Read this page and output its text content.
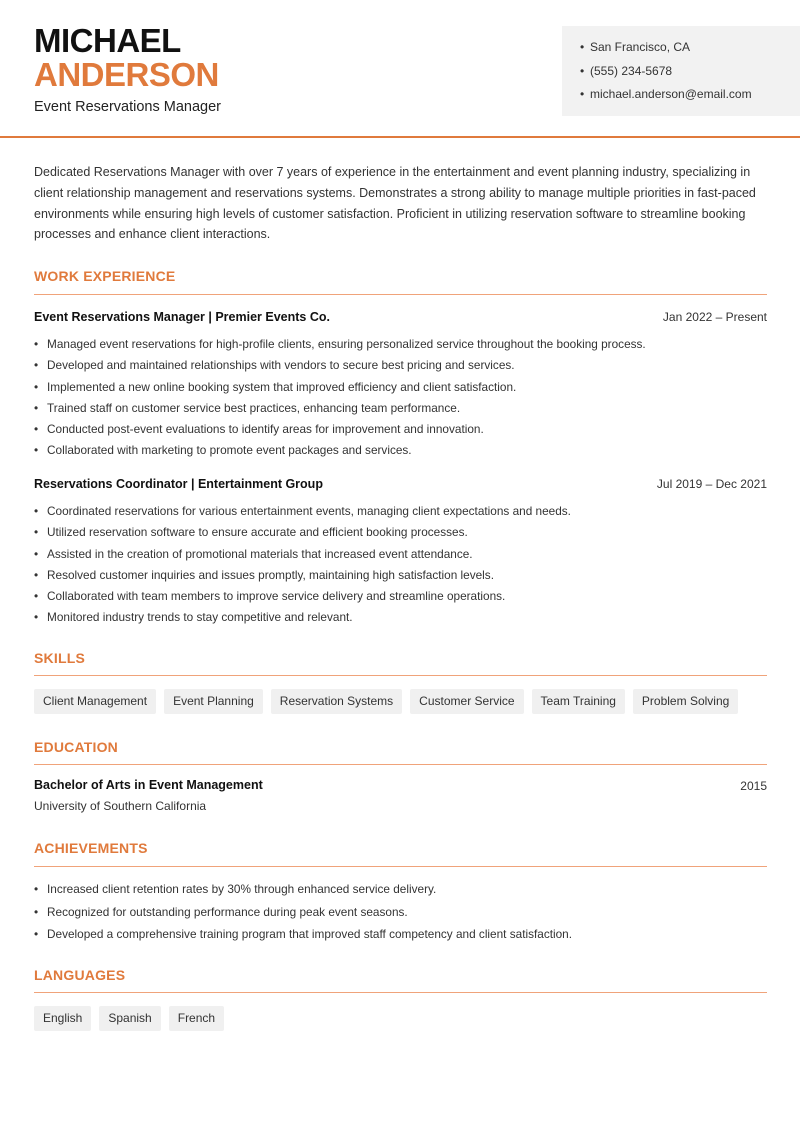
MICHAEL
ANDERSON
Event Reservations Manager
• San Francisco, CA
• (555) 234-5678
• michael.anderson@email.com
Dedicated Reservations Manager with over 7 years of experience in the entertainment and event planning industry, specializing in client relationship management and reservations systems. Demonstrates a strong ability to manage multiple priorities in fast-paced environments while ensuring high levels of customer satisfaction. Proficient in utilizing reservation software to streamline booking processes and enhance client interactions.
WORK EXPERIENCE
Event Reservations Manager | Premier Events Co.	Jan 2022 – Present
• Managed event reservations for high-profile clients, ensuring personalized service throughout the booking process.
• Developed and maintained relationships with vendors to secure best pricing and services.
• Implemented a new online booking system that improved efficiency and client satisfaction.
• Trained staff on customer service best practices, enhancing team performance.
• Conducted post-event evaluations to identify areas for improvement and innovation.
• Collaborated with marketing to promote event packages and services.
Reservations Coordinator | Entertainment Group	Jul 2019 – Dec 2021
• Coordinated reservations for various entertainment events, managing client expectations and needs.
• Utilized reservation software to ensure accurate and efficient booking processes.
• Assisted in the creation of promotional materials that increased event attendance.
• Resolved customer inquiries and issues promptly, maintaining high satisfaction levels.
• Collaborated with team members to improve service delivery and streamline operations.
• Monitored industry trends to stay competitive and relevant.
SKILLS
Client Management	Event Planning	Reservation Systems	Customer Service	Team Training	Problem Solving
EDUCATION
Bachelor of Arts in Event Management	2015
University of Southern California
ACHIEVEMENTS
• Increased client retention rates by 30% through enhanced service delivery.
• Recognized for outstanding performance during peak event seasons.
• Developed a comprehensive training program that improved staff competency and client satisfaction.
LANGUAGES
English	Spanish	French
